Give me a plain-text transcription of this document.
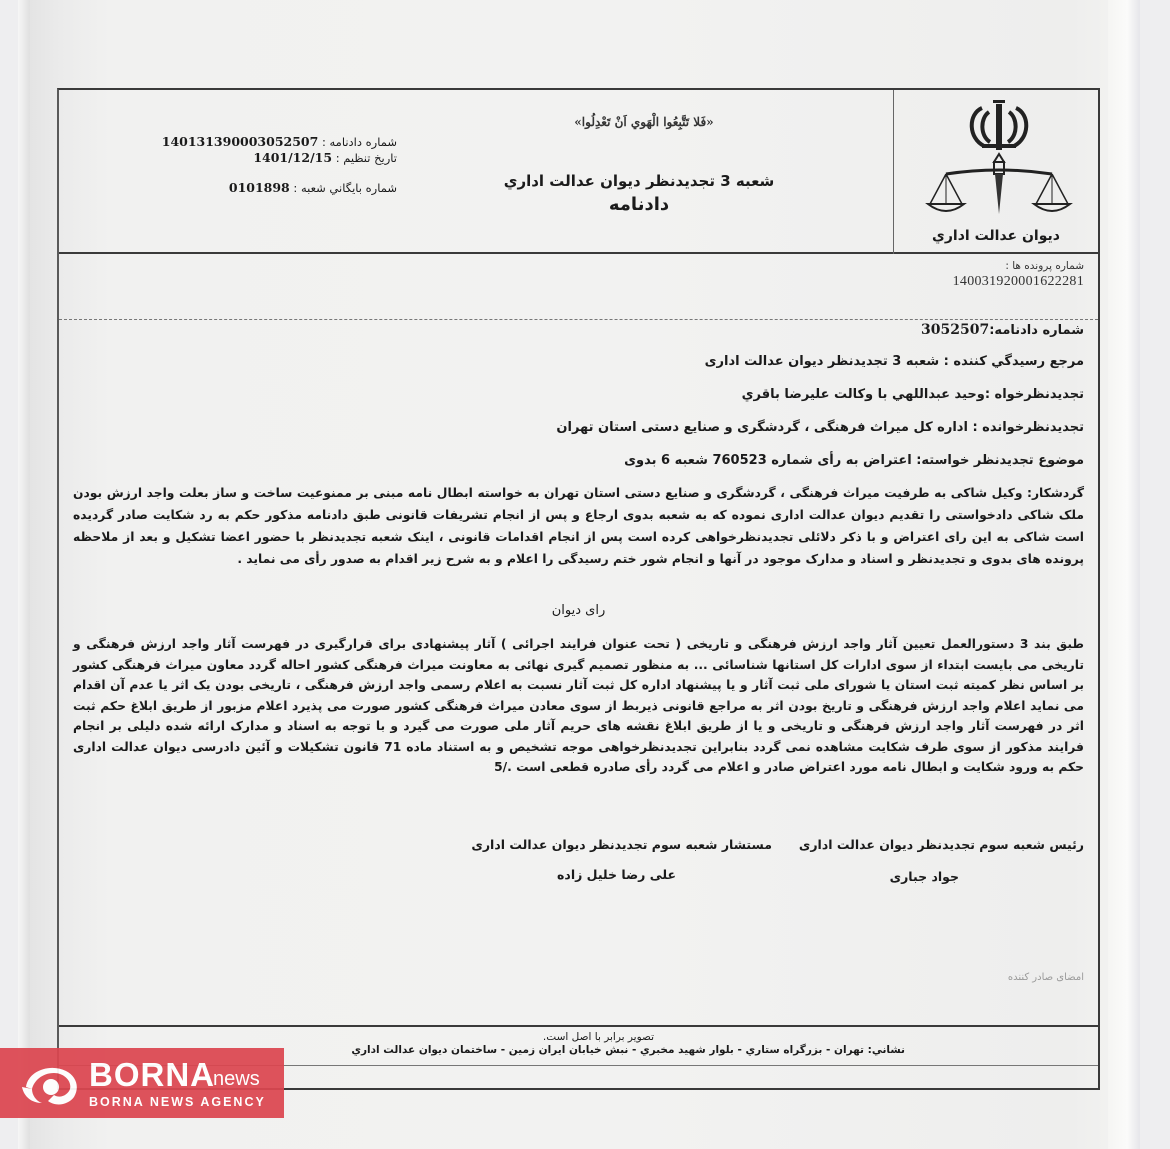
ديوان عدالت اداري
«فَلا تَتَّبِعُوا الْهَوي اَنْ تَعْدِلُوا»
شعبه 3 تجديدنظر ديوان عدالت اداري
دادنامه
شماره دادنامه : 140131390003052507
تاريخ تنظيم : 1401/12/15
شماره بايگاني شعبه : 0101898
شماره پرونده ها :
140031920001622281
شماره دادنامه:3052507
مرجع رسيدگي كننده : شعبه 3 تجديدنظر ديوان عدالت اداری
تجديدنظرخواه :وحيد عبداللهي با وكالت عليرضا باقري
تجدیدنظرخوانده : اداره کل میراث فرهنگی ، گردشگری و صنایع دستی استان تهران
موضوع تجدیدنظر خواسته: اعتراض به رأی شماره 760523 شعبه 6 بدوی
گردشکار: وکیل شاکی به طرفیت میراث فرهنگی ، گردشگری و صنایع دستی استان تهران به خواسته ابطال نامه مبنی بر ممنوعیت ساخت و ساز بعلت واجد ارزش بودن ملک شاکی دادخواستی را تقدیم دیوان عدالت اداری نموده که به شعبه بدوی ارجاع و پس از انجام تشریفات قانونی طبق دادنامه مذکور حکم به رد شکایت صادر گردیده است شاکی به این رای اعتراض و با ذکر دلائلی تجدیدنظرخواهی کرده است پس از انجام اقدامات قانونی ، اینک شعبه تجدیدنظر با حضور اعضا تشکیل و بعد از ملاحظه پرونده های بدوی و تجدیدنظر و اسناد و مدارک موجود در آنها و انجام شور ختم رسیدگی را اعلام و به شرح زیر اقدام به صدور رأی می نماید .
رای دیوان
طبق بند 3 دستورالعمل تعیین آثار واجد ارزش فرهنگی و تاریخی ( تحت عنوان فرایند اجرائی ) آثار پیشنهادی برای قرارگیری در فهرست آثار واجد ارزش فرهنگی و تاریخی می بایست ابتداء از سوی ادارات کل استانها شناسائی ... به منظور تصمیم گیری نهائی به معاونت میراث فرهنگی کشور احاله گردد معاون میراث فرهنگی کشور بر اساس نظر کمیته ثبت استان یا شورای ملی ثبت آثار و یا پیشنهاد اداره کل ثبت آثار نسبت به اعلام رسمی واجد ارزش فرهنگی ، تاریخی بودن یک اثر یا عدم آن اقدام می نماید اعلام واجد ارزش فرهنگی و تاریخ بودن اثر به مراجع قانونی ذیربط از سوی معادن میراث فرهنگی کشور صورت می پذیرد اعلام مزبور از طریق ابلاغ حکم ثبت اثر در فهرست آثار واجد ارزش فرهنگی و تاریخی و یا از طریق ابلاغ نقشه های حریم آثار ملی صورت می گیرد و با توجه به اسناد و مدارک ارائه شده دلیلی بر انجام فرایند مذکور از سوی طرف شکایت مشاهده نمی گردد بنابراین تجدیدنظرخواهی موجه تشخیص و به استناد ماده 71 قانون تشکیلات و آئین دادرسی دیوان عدالت اداری حکم به ورود شکایت و ابطال نامه مورد اعتراض صادر و اعلام می گردد رأی صادره قطعی است ./5
رئیس شعبه سوم تجدیدنظر دیوان عدالت اداری
مستشار شعبه سوم تجدیدنظر دیوان عدالت اداری
جواد جباری
علی رضا خلیل زاده
امضای صادر کننده
تصوير برابر با اصل است.
نشاني: تهران - بزرگراه ستاري - بلوار شهيد مخبري - نبش خيابان ايران زمين - ساختمان ديوان عدالت اداري
BORNA
news
BORNA NEWS AGENCY
